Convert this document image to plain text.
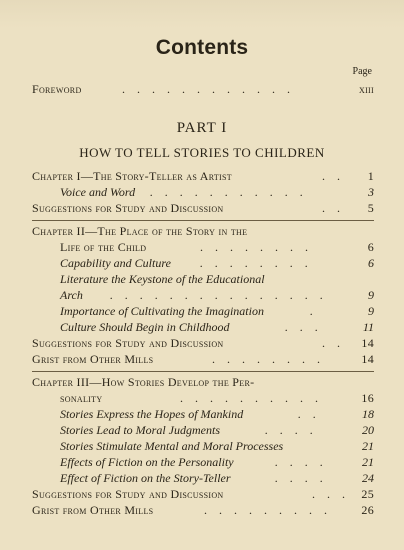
Contents
Page
Foreword	. . . . . . . . . . . .	xiii
PART I
HOW TO TELL STORIES TO CHILDREN
Chapter I—The Story-Teller as Artist	. . 1
Voice and Word . . . . . . . . . . .	3
Suggestions for Study and Discussion	. . 5
Chapter II—The Place of the Story in the
Life of the Child	. . . . . . . .	6
Capability and Culture . . . . . . . .	6
Literature the Keystone of the Educational
Arch . . . . . . . . . . . . . . .	9
Importance of Cultivating the Imagination	.	9
Culture Should Begin in Childhood	. . .	11
Suggestions for Study and Discussion	. . 14
Grist from Other Mills	. . . . . . . .	14
Chapter III—How Stories Develop the Per-
sonality	. . . . . . . . . .	16
Stories Express the Hopes of Mankind	. .	18
Stories Lead to Moral Judgments	. . . .	20
Stories Stimulate Mental and Moral Processes	21
Effects of Fiction on the Personality	. . . .	21
Effect of Fiction on the Story-Teller	. . . .	24
Suggestions for Study and Discussion	. . . 25
Grist from Other Mills	. . . . . . . . . 26
